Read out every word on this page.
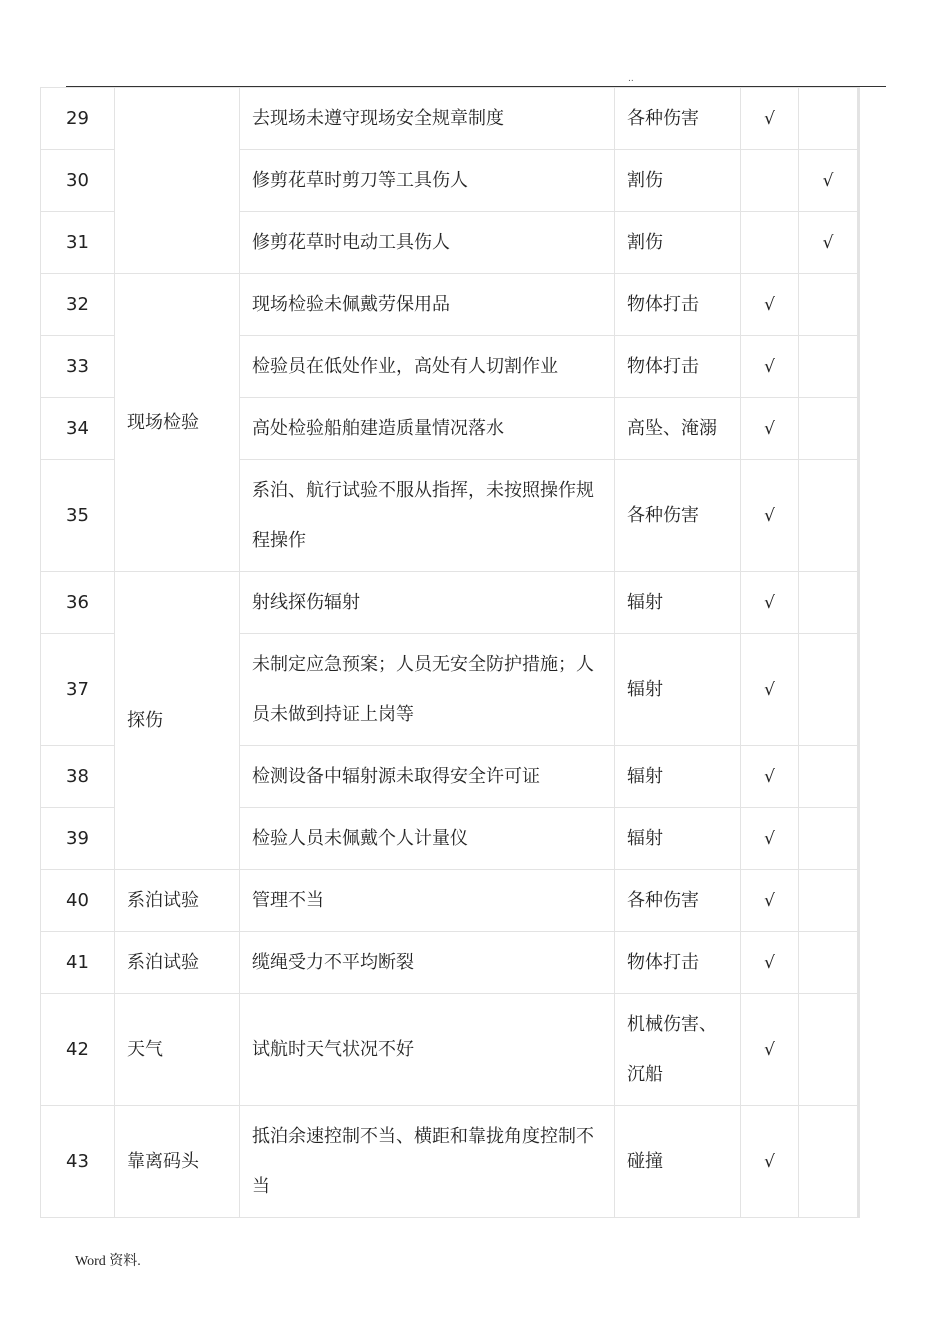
..
29		去现场未遵守现场安全规章制度	各种伤害	√	
30		修剪花草时剪刀等工具伤人	割伤		√
31		修剪花草时电动工具伤人	割伤		√
32	现场检验	现场检验未佩戴劳保用品	物体打击	√	
33		检验员在低处作业，高处有人切割作业	物体打击	√	
34		高处检验船舶建造质量情况落水	高坠、淹溺	√	
35		系泊、航行试验不服从指挥，未按照操作规程操作	各种伤害	√	
36	探伤	射线探伤辐射	辐射	√	
37		未制定应急预案；人员无安全防护措施；人员未做到持证上岗等	辐射	√	
38		检测设备中辐射源未取得安全许可证	辐射	√	
39		检验人员未佩戴个人计量仪	辐射	√	
40	系泊试验	管理不当	各种伤害	√	
41	系泊试验	缆绳受力不平均断裂	物体打击	√	
42	天气	试航时天气状况不好	机械伤害、沉船	√	
43	靠离码头	抵泊余速控制不当、横距和靠拢角度控制不当	碰撞	√	
Word 资料.
